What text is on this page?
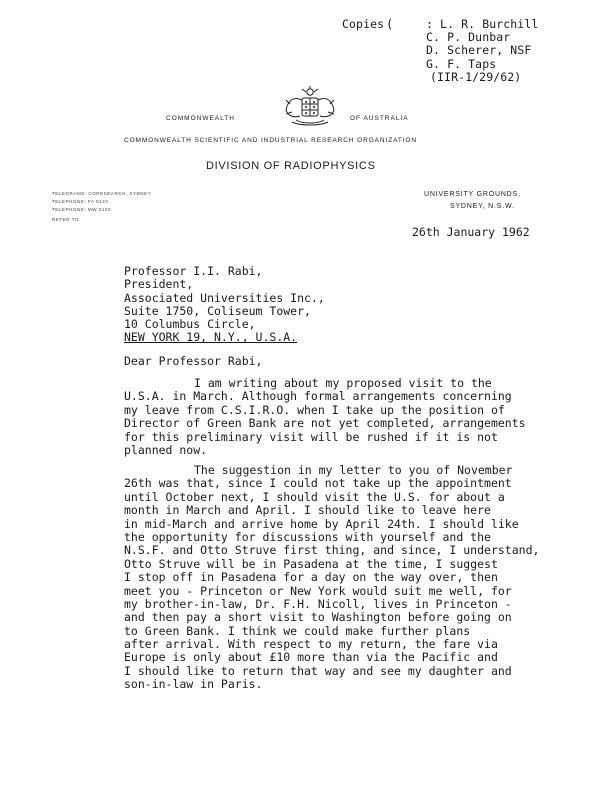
Copies (	: L. R. Burchill
C. P. Dunbar
D. Scherer, NSF
G. F. Taps
(IIR-1/29/62)
COMMONWEALTH	OF AUSTRALIA
COMMONWEALTH SCIENTIFIC AND INDUSTRIAL RESEARCH ORGANIZATION
DIVISION OF RADIOPHYSICS
TELEGRAMS: CORESEARCH, SYDNEY
TELEPHONE: FA 0123
TELEPHONE: MW 0100
REFER TO
UNIVERSITY GROUNDS,
SYDNEY, N.S.W.
26th January 1962
Professor I.I. Rabi,
President,
Associated Universities Inc.,
Suite 1750, Coliseum Tower,
10 Columbus Circle,
NEW YORK 19, N.Y., U.S.A.
Dear Professor Rabi,
I am writing about my proposed visit to the
U.S.A. in March. Although formal arrangements concerning
my leave from C.S.I.R.O. when I take up the position of
Director of Green Bank are not yet completed, arrangements
for this preliminary visit will be rushed if it is not
planned now.
The suggestion in my letter to you of November
26th was that, since I could not take up the appointment
until October next, I should visit the U.S. for about a
month in March and April. I should like to leave here
in mid-March and arrive home by April 24th. I should like
the opportunity for discussions with yourself and the
N.S.F. and Otto Struve first thing, and since, I understand,
Otto Struve will be in Pasadena at the time, I suggest
I stop off in Pasadena for a day on the way over, then
meet you - Princeton or New York would suit me well, for
my brother-in-law, Dr. F.H. Nicoll, lives in Princeton -
and then pay a short visit to Washington before going on
to Green Bank. I think we could make further plans
after arrival. With respect to my return, the fare via
Europe is only about £10 more than via the Pacific and
I should like to return that way and see my daughter and
son-in-law in Paris.
